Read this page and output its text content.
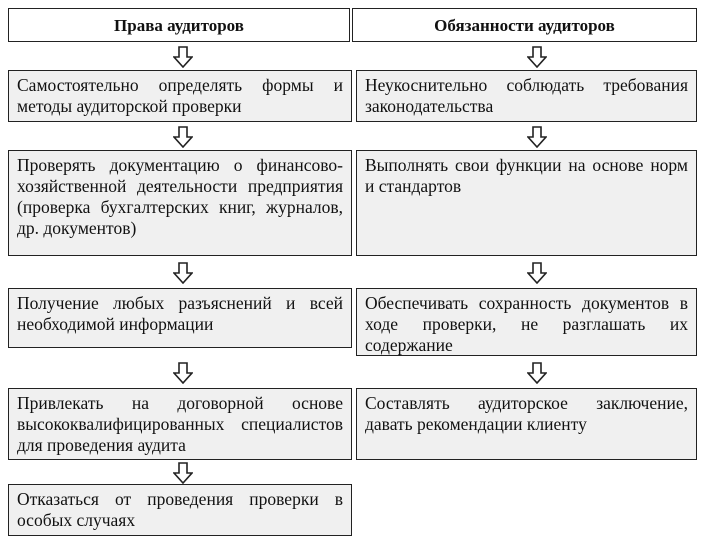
Права аудиторов	Обязанности аудиторов
Самостоятельно определять формы и методы аудиторской проверки
Неукоснительно соблюдать требования законодательства
Проверять документацию о финансово-хозяйственной деятельности предприятия (проверка бухгалтерских книг, журналов, др. документов)
Выполнять свои функции на основе норм и стандартов
Получение любых разъяснений и всей необходимой информации
Обеспечивать сохранность документов в ходе проверки, не разглашать их содержание
Привлекать на договорной основе высококвалифицированных специалистов для проведения аудита
Составлять аудиторское заключение, давать рекомендации клиенту
Отказаться от проведения проверки в особых случаях
